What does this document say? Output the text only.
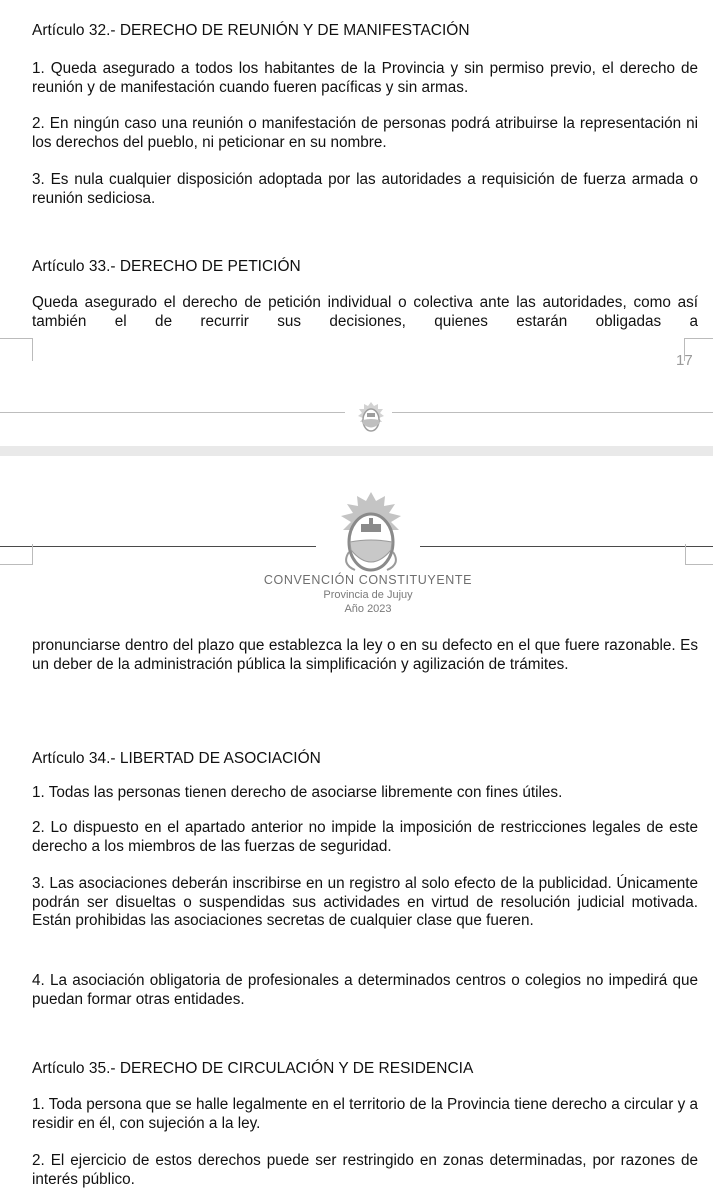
Artículo 32.- DERECHO DE REUNIÓN Y DE MANIFESTACIÓN

1. Queda asegurado a todos los habitantes de la Provincia y sin permiso previo, el derecho de reunión y de manifestación cuando fueren pacíficas y sin armas.

2. En ningún caso una reunión o manifestación de personas podrá atribuirse la representación ni los derechos del pueblo, ni peticionar en su nombre.

3. Es nula cualquier disposición adoptada por las autoridades a requisición de fuerza armada o reunión sediciosa.

Artículo 33.- DERECHO DE PETICIÓN

Queda asegurado el derecho de petición individual o colectiva ante las autoridades, como así también el de recurrir sus decisiones, quienes estarán obligadas a

17

CONVENCIÓN CONSTITUYENTE

Provincia de Jujuy

Año 2023

pronunciarse dentro del plazo que establezca la ley o en su defecto en el que fuere razonable. Es un deber de la administración pública la simplificación y agilización de trámites.

Artículo 34.- LIBERTAD DE ASOCIACIÓN

1. Todas las personas tienen derecho de asociarse libremente con fines útiles.

2. Lo dispuesto en el apartado anterior no impide la imposición de restricciones legales de este derecho a los miembros de las fuerzas de seguridad.

3. Las asociaciones deberán inscribirse en un registro al solo efecto de la publicidad. Únicamente podrán ser disueltas o suspendidas sus actividades en virtud de resolución judicial motivada. Están prohibidas las asociaciones secretas de cualquier clase que fueren.

4. La asociación obligatoria de profesionales a determinados centros o colegios no impedirá que puedan formar otras entidades.

Artículo 35.- DERECHO DE CIRCULACIÓN Y DE RESIDENCIA

1. Toda persona que se halle legalmente en el territorio de la Provincia tiene derecho a circular y a residir en él, con sujeción a la ley.

2. El ejercicio de estos derechos puede ser restringido en zonas determinadas, por razones de interés público.
